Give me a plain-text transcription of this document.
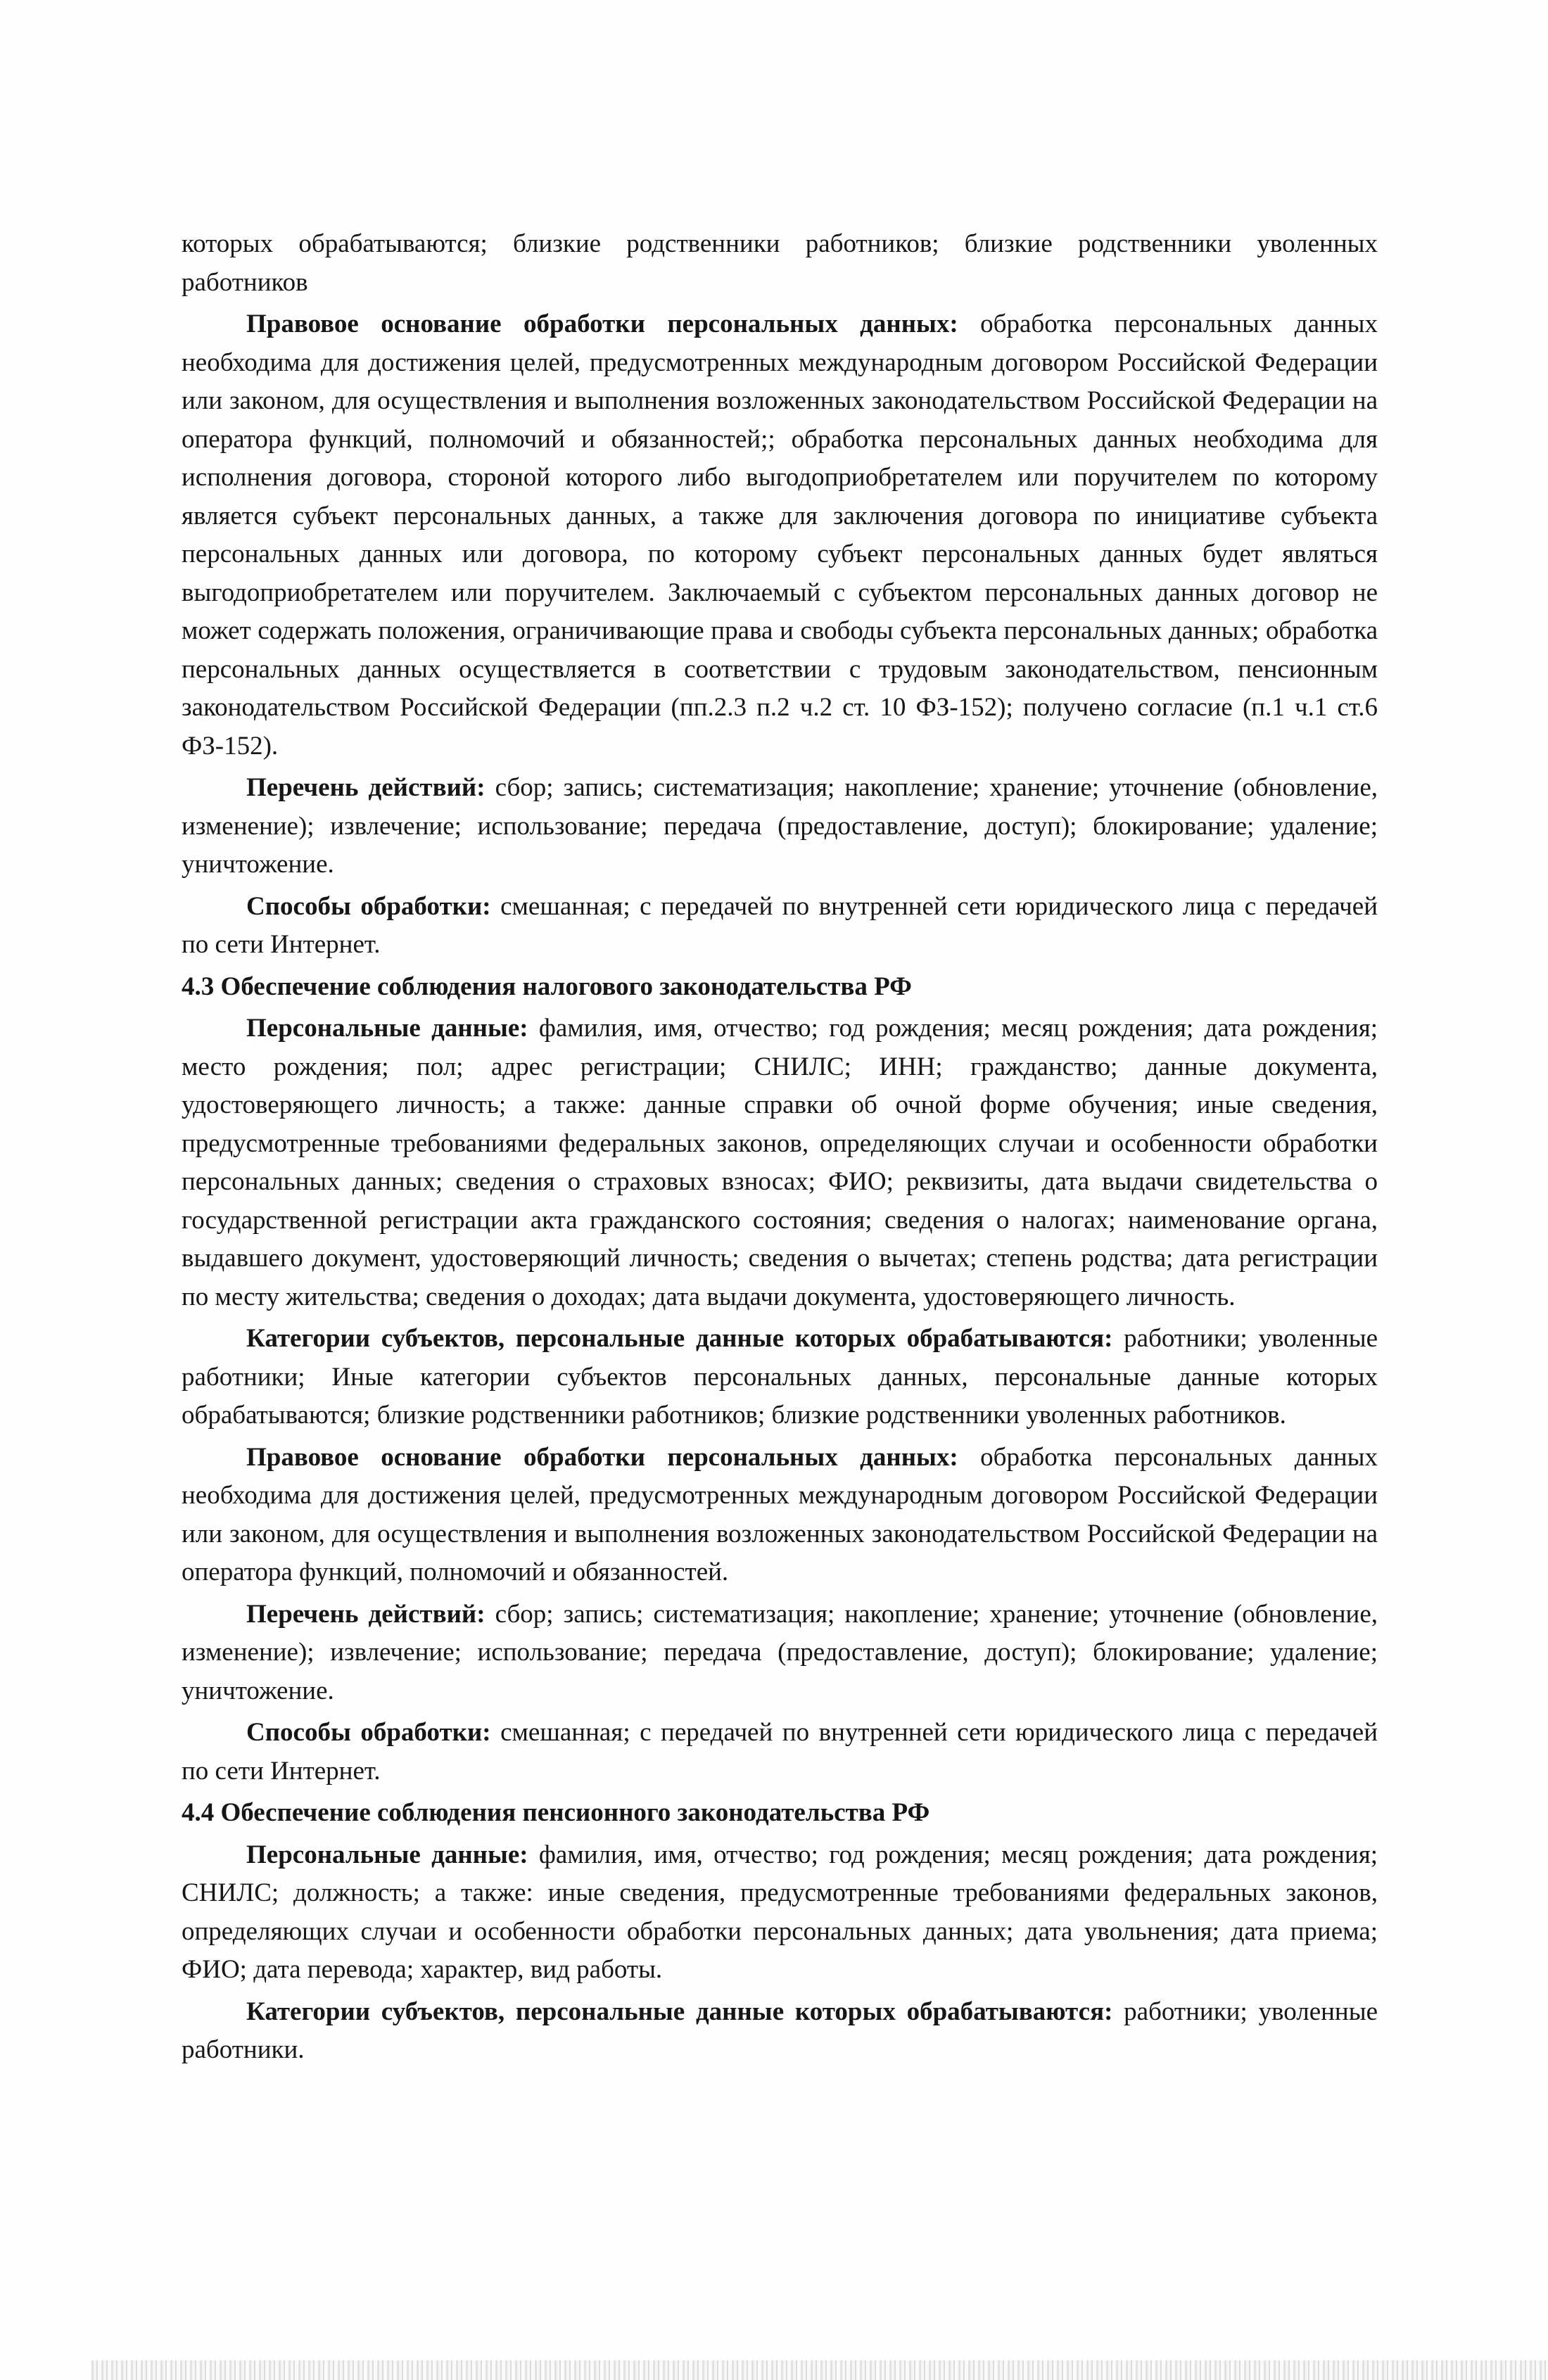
которых обрабатываются; близкие родственники работников; близкие родственники уволенных работников

Правовое основание обработки персональных данных: обработка персональных данных необходима для достижения целей, предусмотренных международным договором Российской Федерации или законом, для осуществления и выполнения возложенных законодательством Российской Федерации на оператора функций, полномочий и обязанностей;; обработка персональных данных необходима для исполнения договора, стороной которого либо выгодоприобретателем или поручителем по которому является субъект персональных данных, а также для заключения договора по инициативе субъекта персональных данных или договора, по которому субъект персональных данных будет являться выгодоприобретателем или поручителем. Заключаемый с субъектом персональных данных договор не может содержать положения, ограничивающие права и свободы субъекта персональных данных; обработка персональных данных осуществляется в соответствии с трудовым законодательством, пенсионным законодательством Российской Федерации (пп.2.3 п.2 ч.2 ст. 10 ФЗ-152); получено согласие (п.1 ч.1 ст.6 ФЗ-152).

Перечень действий: сбор; запись; систематизация; накопление; хранение; уточнение (обновление, изменение); извлечение; использование; передача (предоставление, доступ); блокирование; удаление; уничтожение.

Способы обработки: смешанная; с передачей по внутренней сети юридического лица с передачей по сети Интернет.

4.3 Обеспечение соблюдения налогового законодательства РФ

Персональные данные: фамилия, имя, отчество; год рождения; месяц рождения; дата рождения; место рождения; пол; адрес регистрации; СНИЛС; ИНН; гражданство; данные документа, удостоверяющего личность; а также: данные справки об очной форме обучения; иные сведения, предусмотренные требованиями федеральных законов, определяющих случаи и особенности обработки персональных данных; сведения о страховых взносах; ФИО; реквизиты, дата выдачи свидетельства о государственной регистрации акта гражданского состояния; сведения о налогах; наименование органа, выдавшего документ, удостоверяющий личность; сведения о вычетах; степень родства; дата регистрации по месту жительства; сведения о доходах; дата выдачи документа, удостоверяющего личность.

Категории субъектов, персональные данные которых обрабатываются: работники; уволенные работники; Иные категории субъектов персональных данных, персональные данные которых обрабатываются; близкие родственники работников; близкие родственники уволенных работников.

Правовое основание обработки персональных данных: обработка персональных данных необходима для достижения целей, предусмотренных международным договором Российской Федерации или законом, для осуществления и выполнения возложенных законодательством Российской Федерации на оператора функций, полномочий и обязанностей.

Перечень действий: сбор; запись; систематизация; накопление; хранение; уточнение (обновление, изменение); извлечение; использование; передача (предоставление, доступ); блокирование; удаление; уничтожение.

Способы обработки: смешанная; с передачей по внутренней сети юридического лица с передачей по сети Интернет.

4.4 Обеспечение соблюдения пенсионного законодательства РФ

Персональные данные: фамилия, имя, отчество; год рождения; месяц рождения; дата рождения; СНИЛС; должность; а также: иные сведения, предусмотренные требованиями федеральных законов, определяющих случаи и особенности обработки персональных данных; дата увольнения; дата приема; ФИО; дата перевода; характер, вид работы.

Категории субъектов, персональные данные которых обрабатываются: работники; уволенные работники.
